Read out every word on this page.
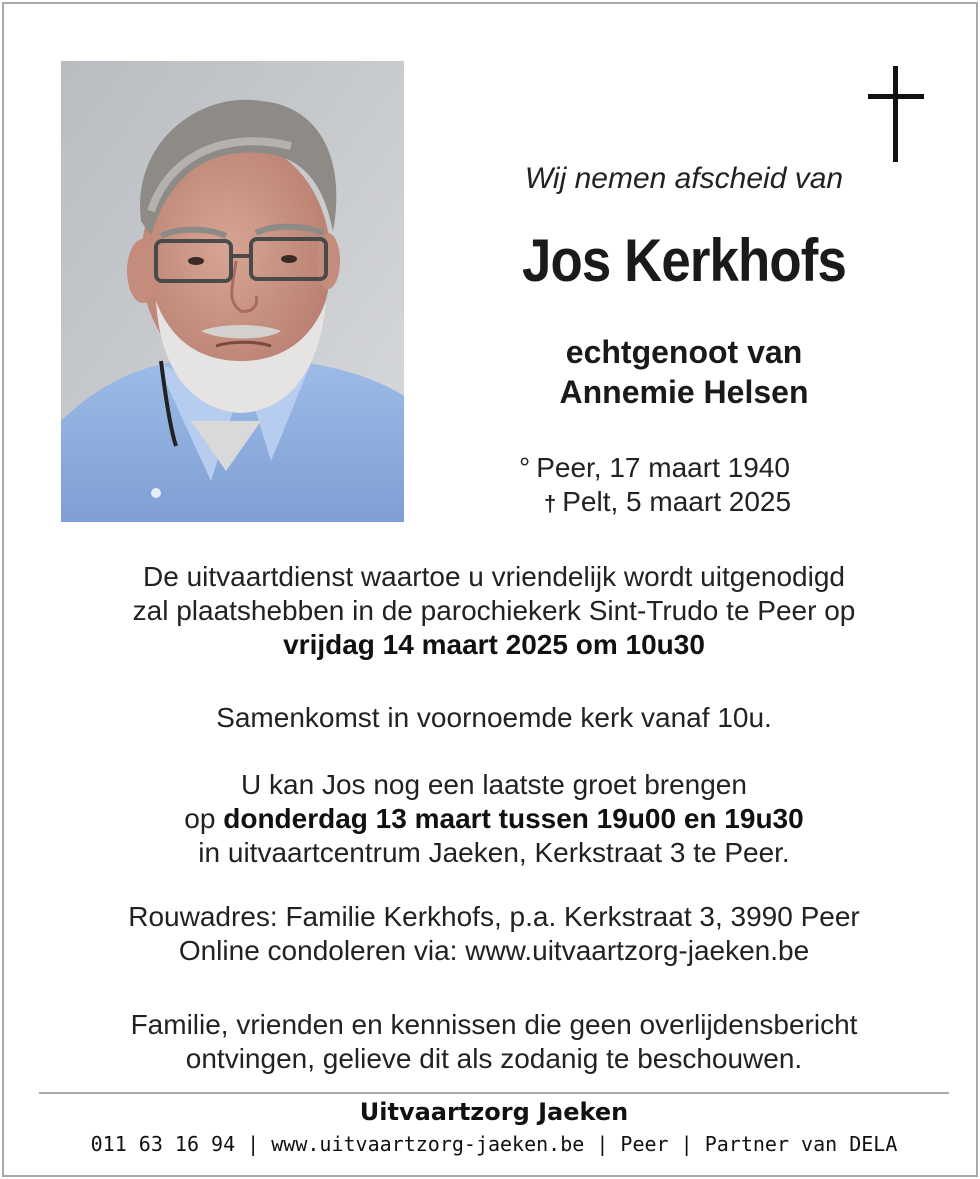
Wij nemen afscheid van
Jos Kerkhofs
echtgenoot van
Annemie Helsen
° Peer, 17 maart 1940
† Pelt, 5 maart 2025
De uitvaartdienst waartoe u vriendelijk wordt uitgenodigd
zal plaatshebben in de parochiekerk Sint-Trudo te Peer op
vrijdag 14 maart 2025 om 10u30
Samenkomst in voornoemde kerk vanaf 10u.
U kan Jos nog een laatste groet brengen
op donderdag 13 maart tussen 19u00 en 19u30
in uitvaartcentrum Jaeken, Kerkstraat 3 te Peer.
Rouwadres: Familie Kerkhofs, p.a. Kerkstraat 3, 3990 Peer
Online condoleren via: www.uitvaartzorg-jaeken.be
Familie, vrienden en kennissen die geen overlijdensbericht
ontvingen, gelieve dit als zodanig te beschouwen.
Uitvaartzorg Jaeken
011 63 16 94 | www.uitvaartzorg-jaeken.be | Peer | Partner van DELA
